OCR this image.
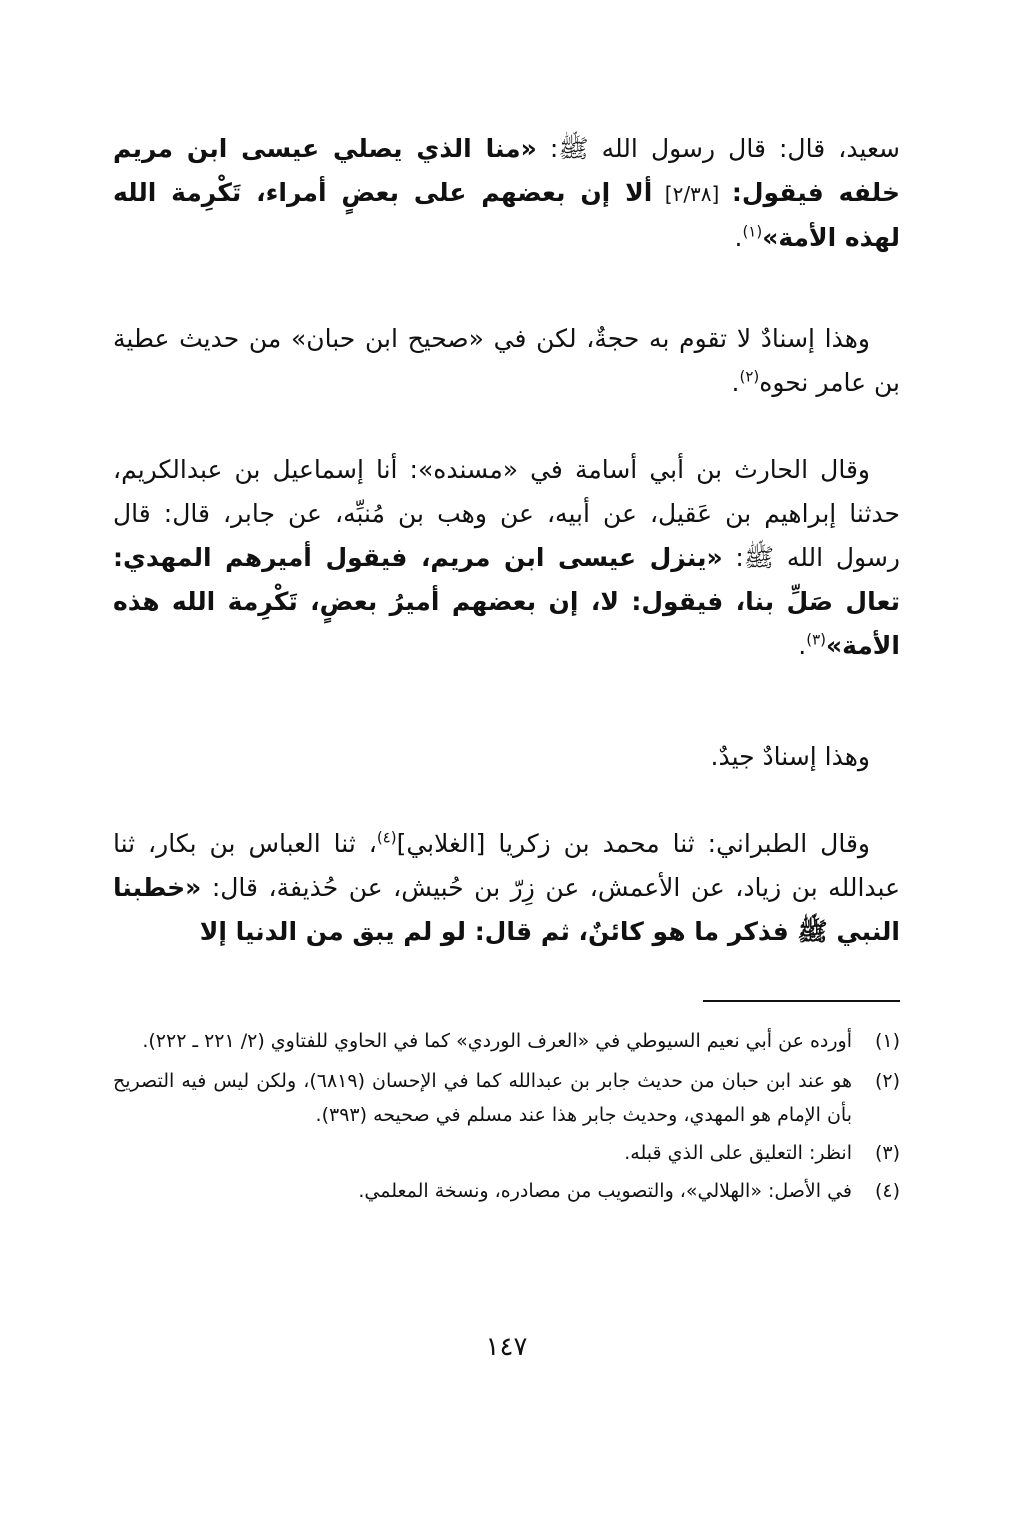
سعيد، قال: قال رسول الله ﷺ: «منا الذي يصلي عيسى ابن مريم خلفه فيقول: [٢/٣٨] ألا إن بعضهم على بعضٍ أمراء، تَكْرِمة الله لهذه الأمة»$^{(١)}$.

وهذا إسنادٌ لا تقوم به حجةٌ، لكن في «صحيح ابن حبان» من حديث عطية بن عامر نحوه$^{(٢)}$.

وقال الحارث بن أبي أسامة في «مسنده»: أنا إسماعيل بن عبدالكريم، حدثنا إبراهيم بن عَقيل، عن أبيه، عن وهب بن مُنبِّه، عن جابر، قال: قال رسول الله ﷺ: «ينزل عيسى ابن مريم، فيقول أميرهم المهدي: تعال صَلِّ بنا، فيقول: لا، إن بعضهم أميرُ بعضٍ، تَكْرِمة الله هذه الأمة»$^{(٣)}$.

وهذا إسنادٌ جيدٌ.

وقال الطبراني: ثنا محمد بن زكريا [الغلابي]$^{(٤)}$، ثنا العباس بن بكار، ثنا عبدالله بن زياد، عن الأعمش، عن زِرّ بن حُبيش، عن حُذيفة، قال: «خطبنا النبي ﷺ فذكر ما هو كائنٌ، ثم قال: لو لم يبق من الدنيا إلا

(١)
أورده عن أبي نعيم السيوطي في «العرف الوردي» كما في الحاوي للفتاوي (٢/ ٢٢١ ـ ٢٢٢).
(٢)
هو عند ابن حبان من حديث جابر بن عبدالله كما في الإحسان (٦٨١٩)، ولكن ليس فيه التصريح بأن الإمام هو المهدي، وحديث جابر هذا عند مسلم في صحيحه (٣٩٣).
(٣)
انظر: التعليق على الذي قبله.
(٤)
في الأصل: «الهلالي»، والتصويب من مصادره، ونسخة المعلمي.
١٤٧
